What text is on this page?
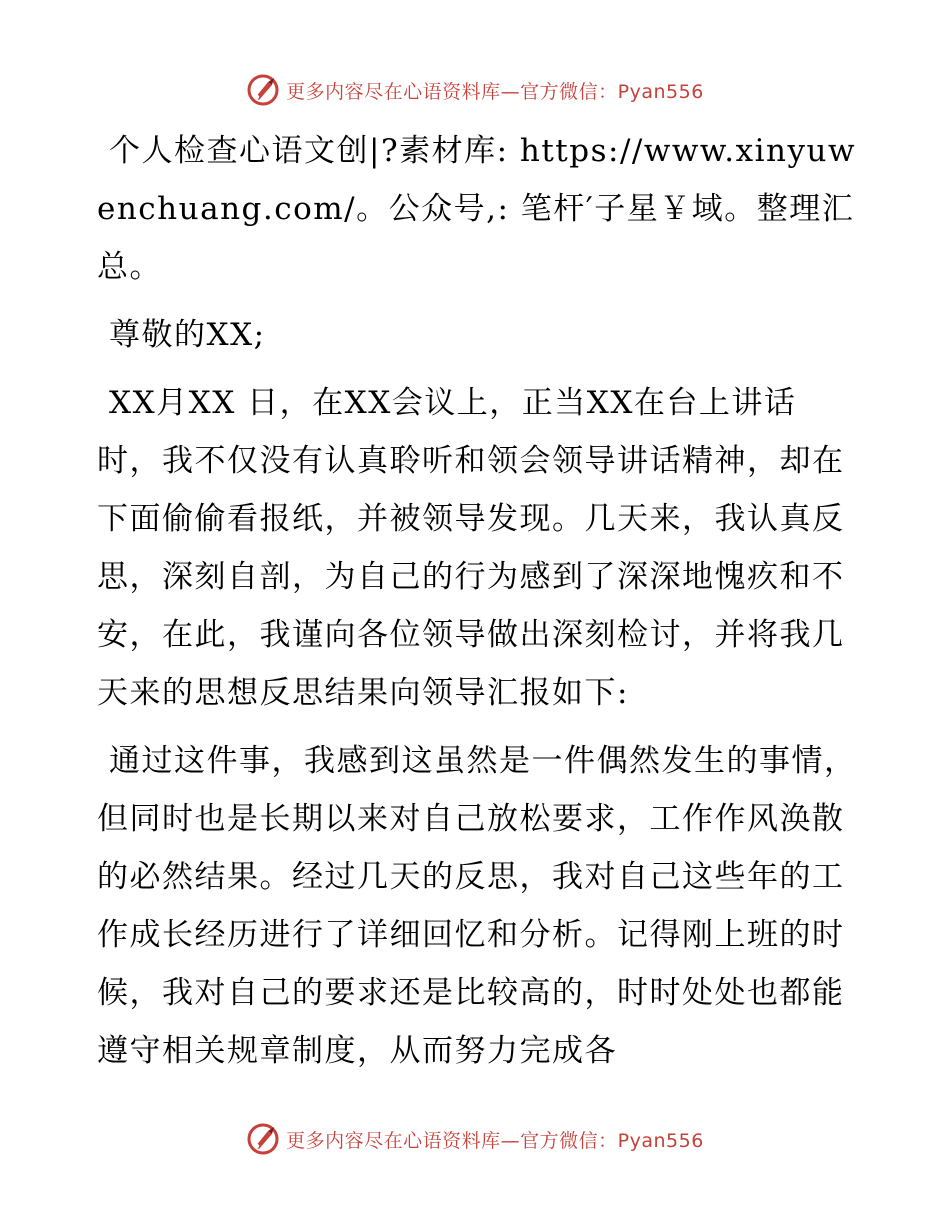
更多内容尽在心语资料库—官方微信：Pyan556

个人检查心语文创|?素材库: https://www.xinyuwenchuang.com/。公众号,: 笔杆′子星￥域。整理汇总。

尊敬的XX;

XX月XX 日，在XX会议上，正当XX在台上讲话时，我不仅没有认真聆听和领会领导讲话精神，却在下面偷偷看报纸，并被领导发现。几天来，我认真反思，深刻自剖，为自己的行为感到了深深地愧疚和不安，在此，我谨向各位领导做出深刻检讨，并将我几天来的思想反思结果向领导汇报如下:

通过这件事，我感到这虽然是一件偶然发生的事情，但同时也是长期以来对自己放松要求，工作作风涣散的必然结果。经过几天的反思，我对自己这些年的工作成长经历进行了详细回忆和分析。记得刚上班的时候，我对自己的要求还是比较高的，时时处处也都能遵守相关规章制度，从而努力完成各

更多内容尽在心语资料库—官方微信：Pyan556
